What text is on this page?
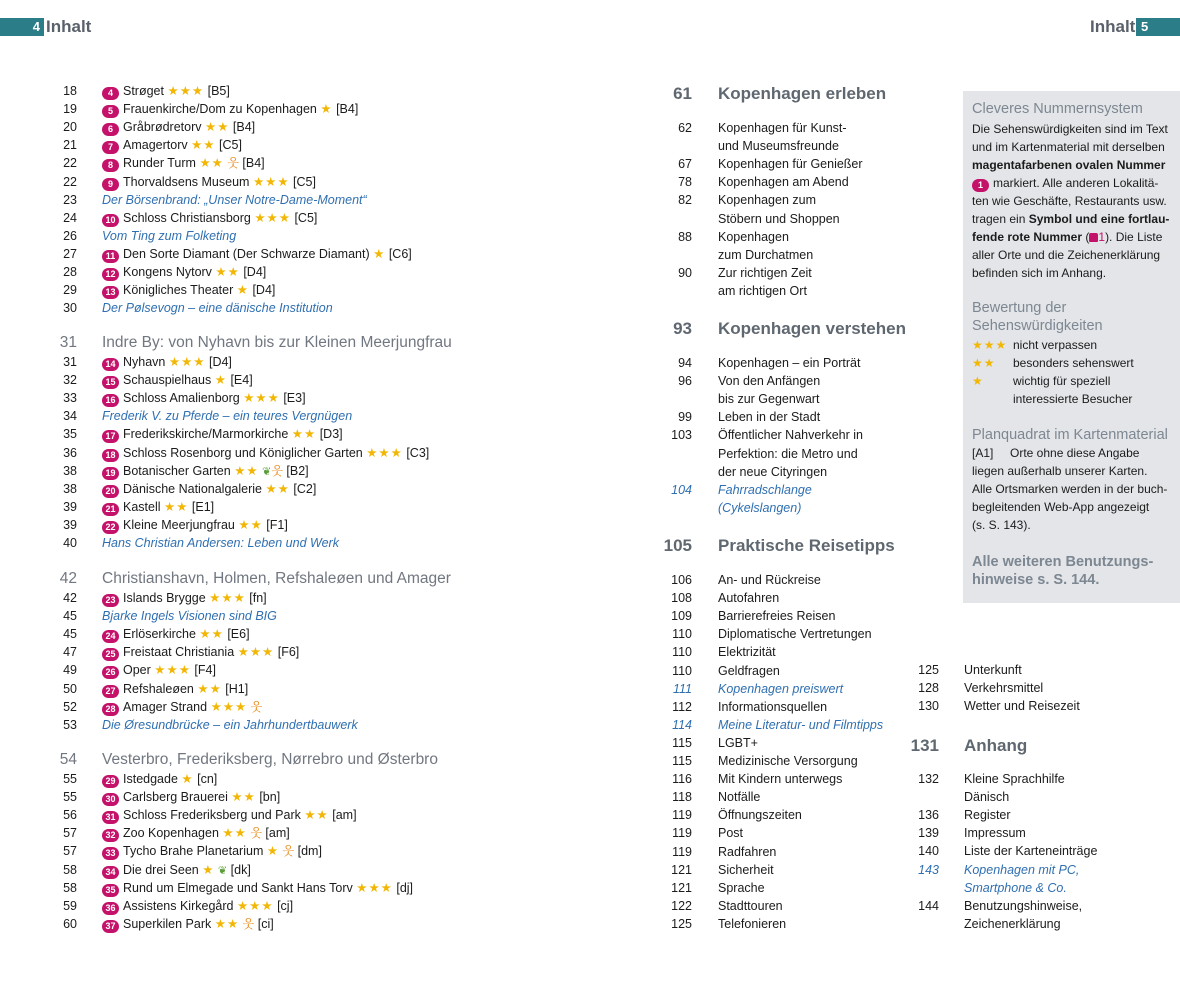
4 Inhalt	Inhalt 5
18	4 Strøget ★★★ [B5]
19	5 Frauenkirche/Dom zu Kopenhagen ★ [B4]
20	6 Gråbrødretorv ★★ [B4]
21	7 Amagertorv ★★ [C5]
22	8 Runder Turm ★★ 웃 [B4]
22	9 Thorvaldsens Museum ★★★ [C5]
23 Der Börsenbrand: „Unser Notre-Dame-Moment“
24	10 Schloss Christiansborg ★★★ [C5]
26 Vom Ting zum Folketing
27	11 Den Sorte Diamant (Der Schwarze Diamant) ★ [C6]
28	12 Kongens Nytorv ★★ [D4]
29	13 Königliches Theater ★ [D4]
30 Der Pølsevogn – eine dänische Institution
31 Indre By: von Nyhavn bis zur Kleinen Meerjungfrau
31	14 Nyhavn ★★★ [D4]
32	15 Schauspielhaus ★ [E4]
33	16 Schloss Amalienborg ★★★ [E3]
34 Frederik V. zu Pferde – ein teures Vergnügen
35	17 Frederikskirche/Marmorkirche ★★ [D3]
36	18 Schloss Rosenborg und Königlicher Garten ★★★ [C3]
38	19 Botanischer Garten ★★ ❦웃 [B2]
38	20 Dänische Nationalgalerie ★★ [C2]
39	21 Kastell ★★ [E1]
39	22 Kleine Meerjungfrau ★★ [F1]
40 Hans Christian Andersen: Leben und Werk
42 Christianshavn, Holmen, Refshaleøen und Amager
42	23 Islands Brygge ★★★ [fn]
45 Bjarke Ingels Visionen sind BIG
45	24 Erlöserkirche ★★ [E6]
47	25 Freistaat Christiania ★★★ [F6]
49	26 Oper ★★★ [F4]
50	27 Refshaleøen ★★ [H1]
52	28 Amager Strand ★★★ 웃
53 Die Øresundbrücke – ein Jahrhundertbauwerk
54 Vesterbro, Frederiksberg, Nørrebro und Østerbro
55	29 Istedgade ★ [cn]
55	30 Carlsberg Brauerei ★★ [bn]
56	31 Schloss Frederiksberg und Park ★★ [am]
57	32 Zoo Kopenhagen ★★ 웃 [am]
57	33 Tycho Brahe Planetarium ★ 웃 [dm]
58	34 Die drei Seen ★ ❦ [dk]
58	35 Rund um Elmegade und Sankt Hans Torv ★★★ [dj]
59	36 Assistens Kirkegård ★★★ [cj]
60	37 Superkilen Park ★★ 웃 [ci]
61 Kopenhagen erleben
62 Kopenhagen für Kunst-
und Museumsfreunde
67 Kopenhagen für Genießer
78 Kopenhagen am Abend
82 Kopenhagen zum
Stöbern und Shoppen
88 Kopenhagen
zum Durchatmen
90 Zur richtigen Zeit
am richtigen Ort
93 Kopenhagen verstehen
94 Kopenhagen – ein Porträt
96 Von den Anfängen
bis zur Gegenwart
99 Leben in der Stadt
103 Öffentlicher Nahverkehr in
Perfektion: die Metro und
der neue Cityringen
104 Fahrradschlange
(Cykelslangen)
105 Praktische Reisetipps
106 An- und Rückreise
108 Autofahren
109 Barrierefreies Reisen
110 Diplomatische Vertretungen
110 Elektrizität
110 Geldfragen
111 Kopenhagen preiswert
112 Informationsquellen
114 Meine Literatur- und Filmtipps
115 LGBT+
115 Medizinische Versorgung
116 Mit Kindern unterwegs
118 Notfälle
119 Öffnungszeiten
119 Post
119 Radfahren
121 Sicherheit
121 Sprache
122 Stadttouren
125 Telefonieren
125 Unterkunft
128 Verkehrsmittel
130 Wetter und Reisezeit
131 Anhang
132 Kleine Sprachhilfe
Dänisch
136 Register
139 Impressum
140 Liste der Karteneinträge
143 Kopenhagen mit PC,
Smartphone & Co.
144 Benutzungshinweise,
Zeichenerklärung
Cleveres Nummernsystem
Die Sehenswürdigkeiten sind im Text
und im Kartenmaterial mit derselben
magentafarbenen ovalen Nummer
1 markiert. Alle anderen Lokalitä-
ten wie Geschäfte, Restaurants usw.
tragen ein Symbol und eine fortlau-
fende rote Nummer ( 1). Die Liste
aller Orte und die Zeichenerklärung
befinden sich im Anhang.
Bewertung der
Sehenswürdigkeiten
★★★ nicht verpassen
★★ besonders sehenswert
★ wichtig für speziell
interessierte Besucher
Planquadrat im Kartenmaterial
[A1] Orte ohne diese Angabe
liegen außerhalb unserer Karten.
Alle Ortsmarken werden in der buch-
begleitenden Web-App angezeigt
(s. S. 143).
Alle weiteren Benutzungs-
hinweise s. S. 144.
